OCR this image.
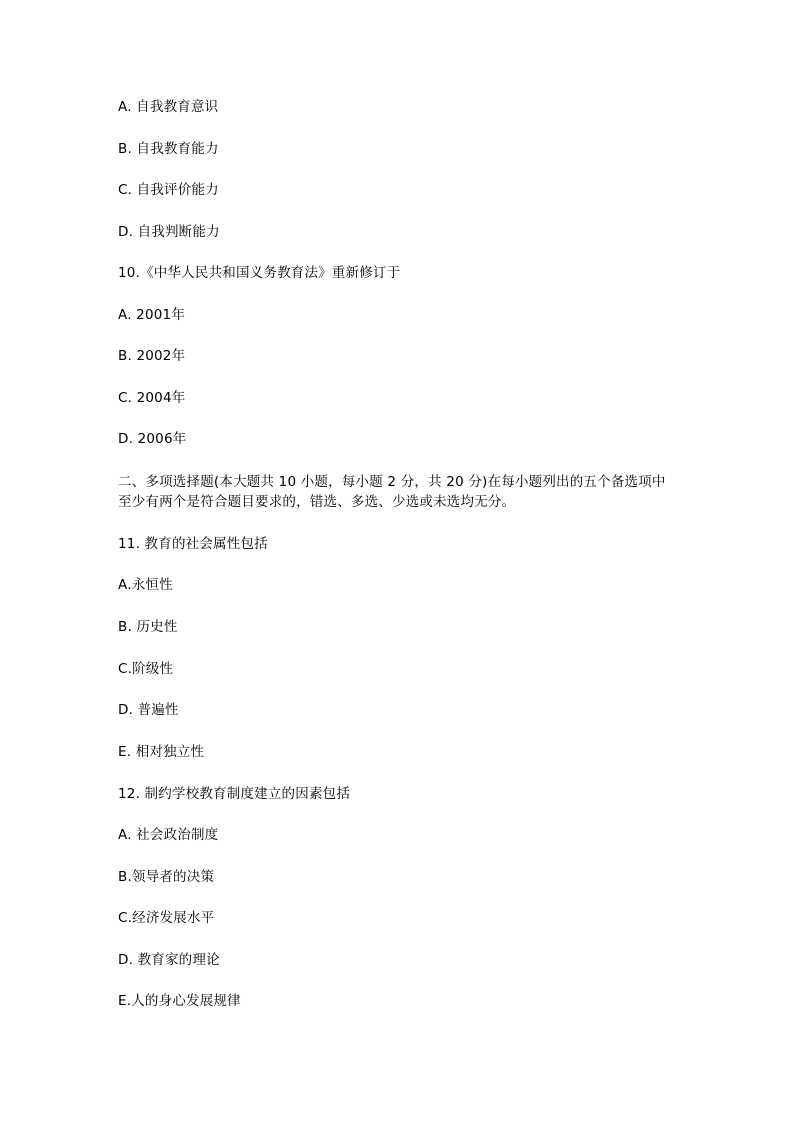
A. 自我教育意识
B. 自我教育能力
C. 自我评价能力
D. 自我判断能力
10.《中华人民共和国义务教育法》重新修订于
A. 2001年
B. 2002年
C. 2004年
D. 2006年
二、多项选择题(本大题共 10 小题，每小题 2 分，共 20 分)在每小题列出的五个备选项中
至少有两个是符合题目要求的，错选、多选、少选或未选均无分。
11. 教育的社会属性包括
A.永恒性
B. 历史性
C.阶级性
D. 普遍性
E. 相对独立性
12. 制约学校教育制度建立的因素包括
A. 社会政治制度
B.领导者的决策
C.经济发展水平
D. 教育家的理论
E.人的身心发展规律
